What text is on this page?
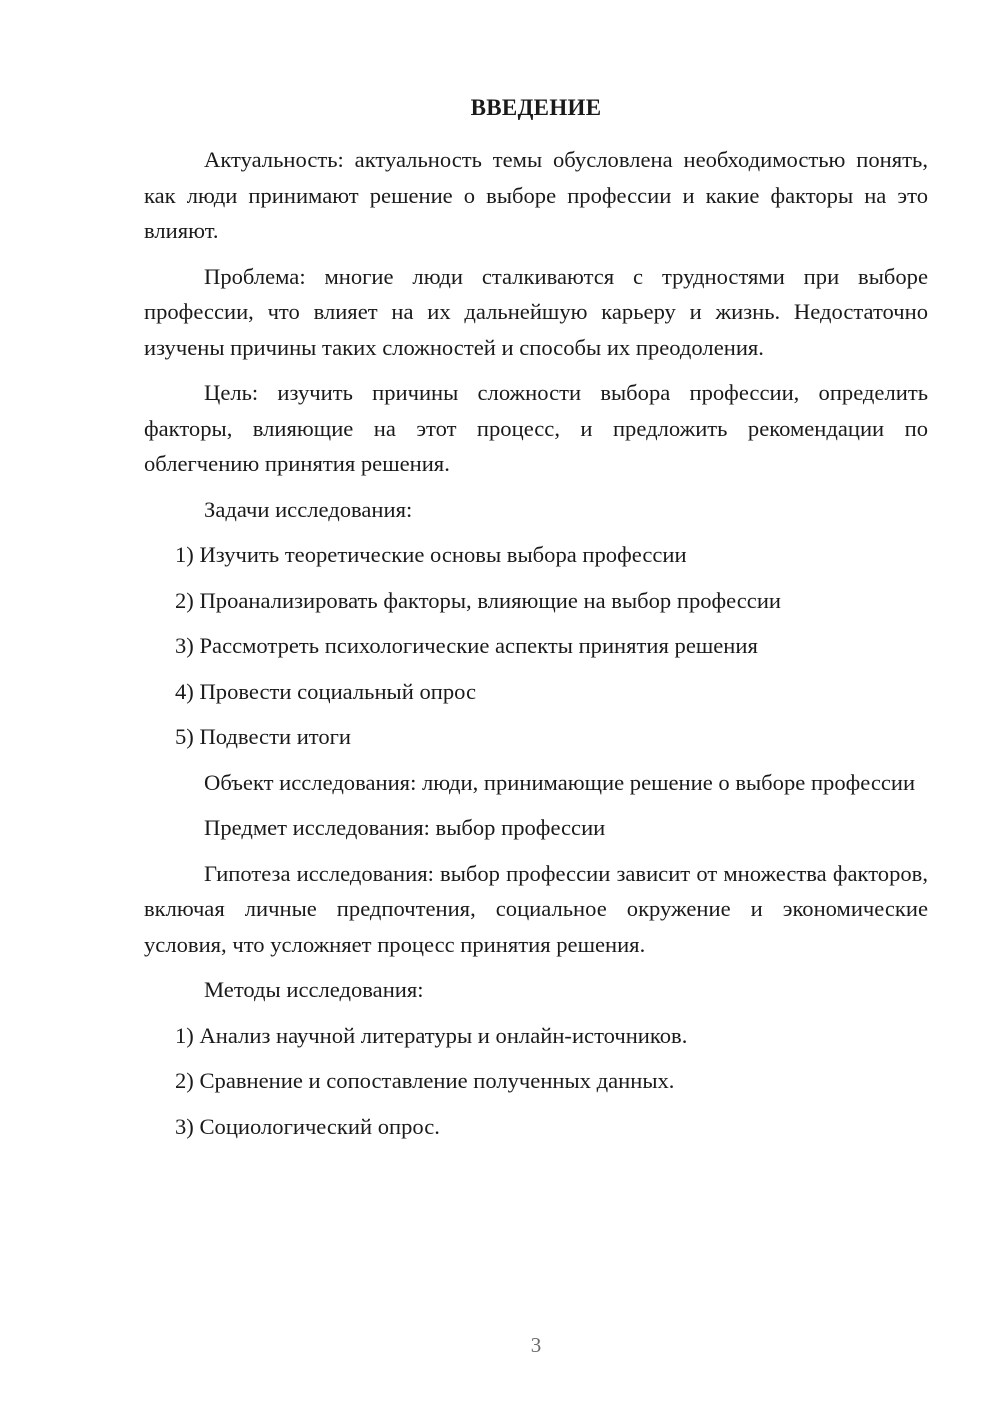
ВВЕДЕНИЕ

Актуальность: актуальность темы обусловлена необходимостью понять, как люди принимают решение о выборе профессии и какие факторы на это влияют.

Проблема: многие люди сталкиваются с трудностями при выборе профессии, что влияет на их дальнейшую карьеру и жизнь. Недостаточно изучены причины таких сложностей и способы их преодоления.

Цель: изучить причины сложности выбора профессии, определить факторы, влияющие на этот процесс, и предложить рекомендации по облегчению принятия решения.

Задачи исследования:

1) Изучить теоретические основы выбора профессии

2) Проанализировать факторы, влияющие на выбор профессии

3) Рассмотреть психологические аспекты принятия решения

4) Провести социальный опрос

5) Подвести итоги

Объект исследования: люди, принимающие решение о выборе профессии

Предмет исследования: выбор профессии

Гипотеза исследования: выбор профессии зависит от множества факторов, включая личные предпочтения, социальное окружение и экономические условия, что усложняет процесс принятия решения.

Методы исследования:

1) Анализ научной литературы и онлайн-источников.

2) Сравнение и сопоставление полученных данных.

3) Социологический опрос.

3
